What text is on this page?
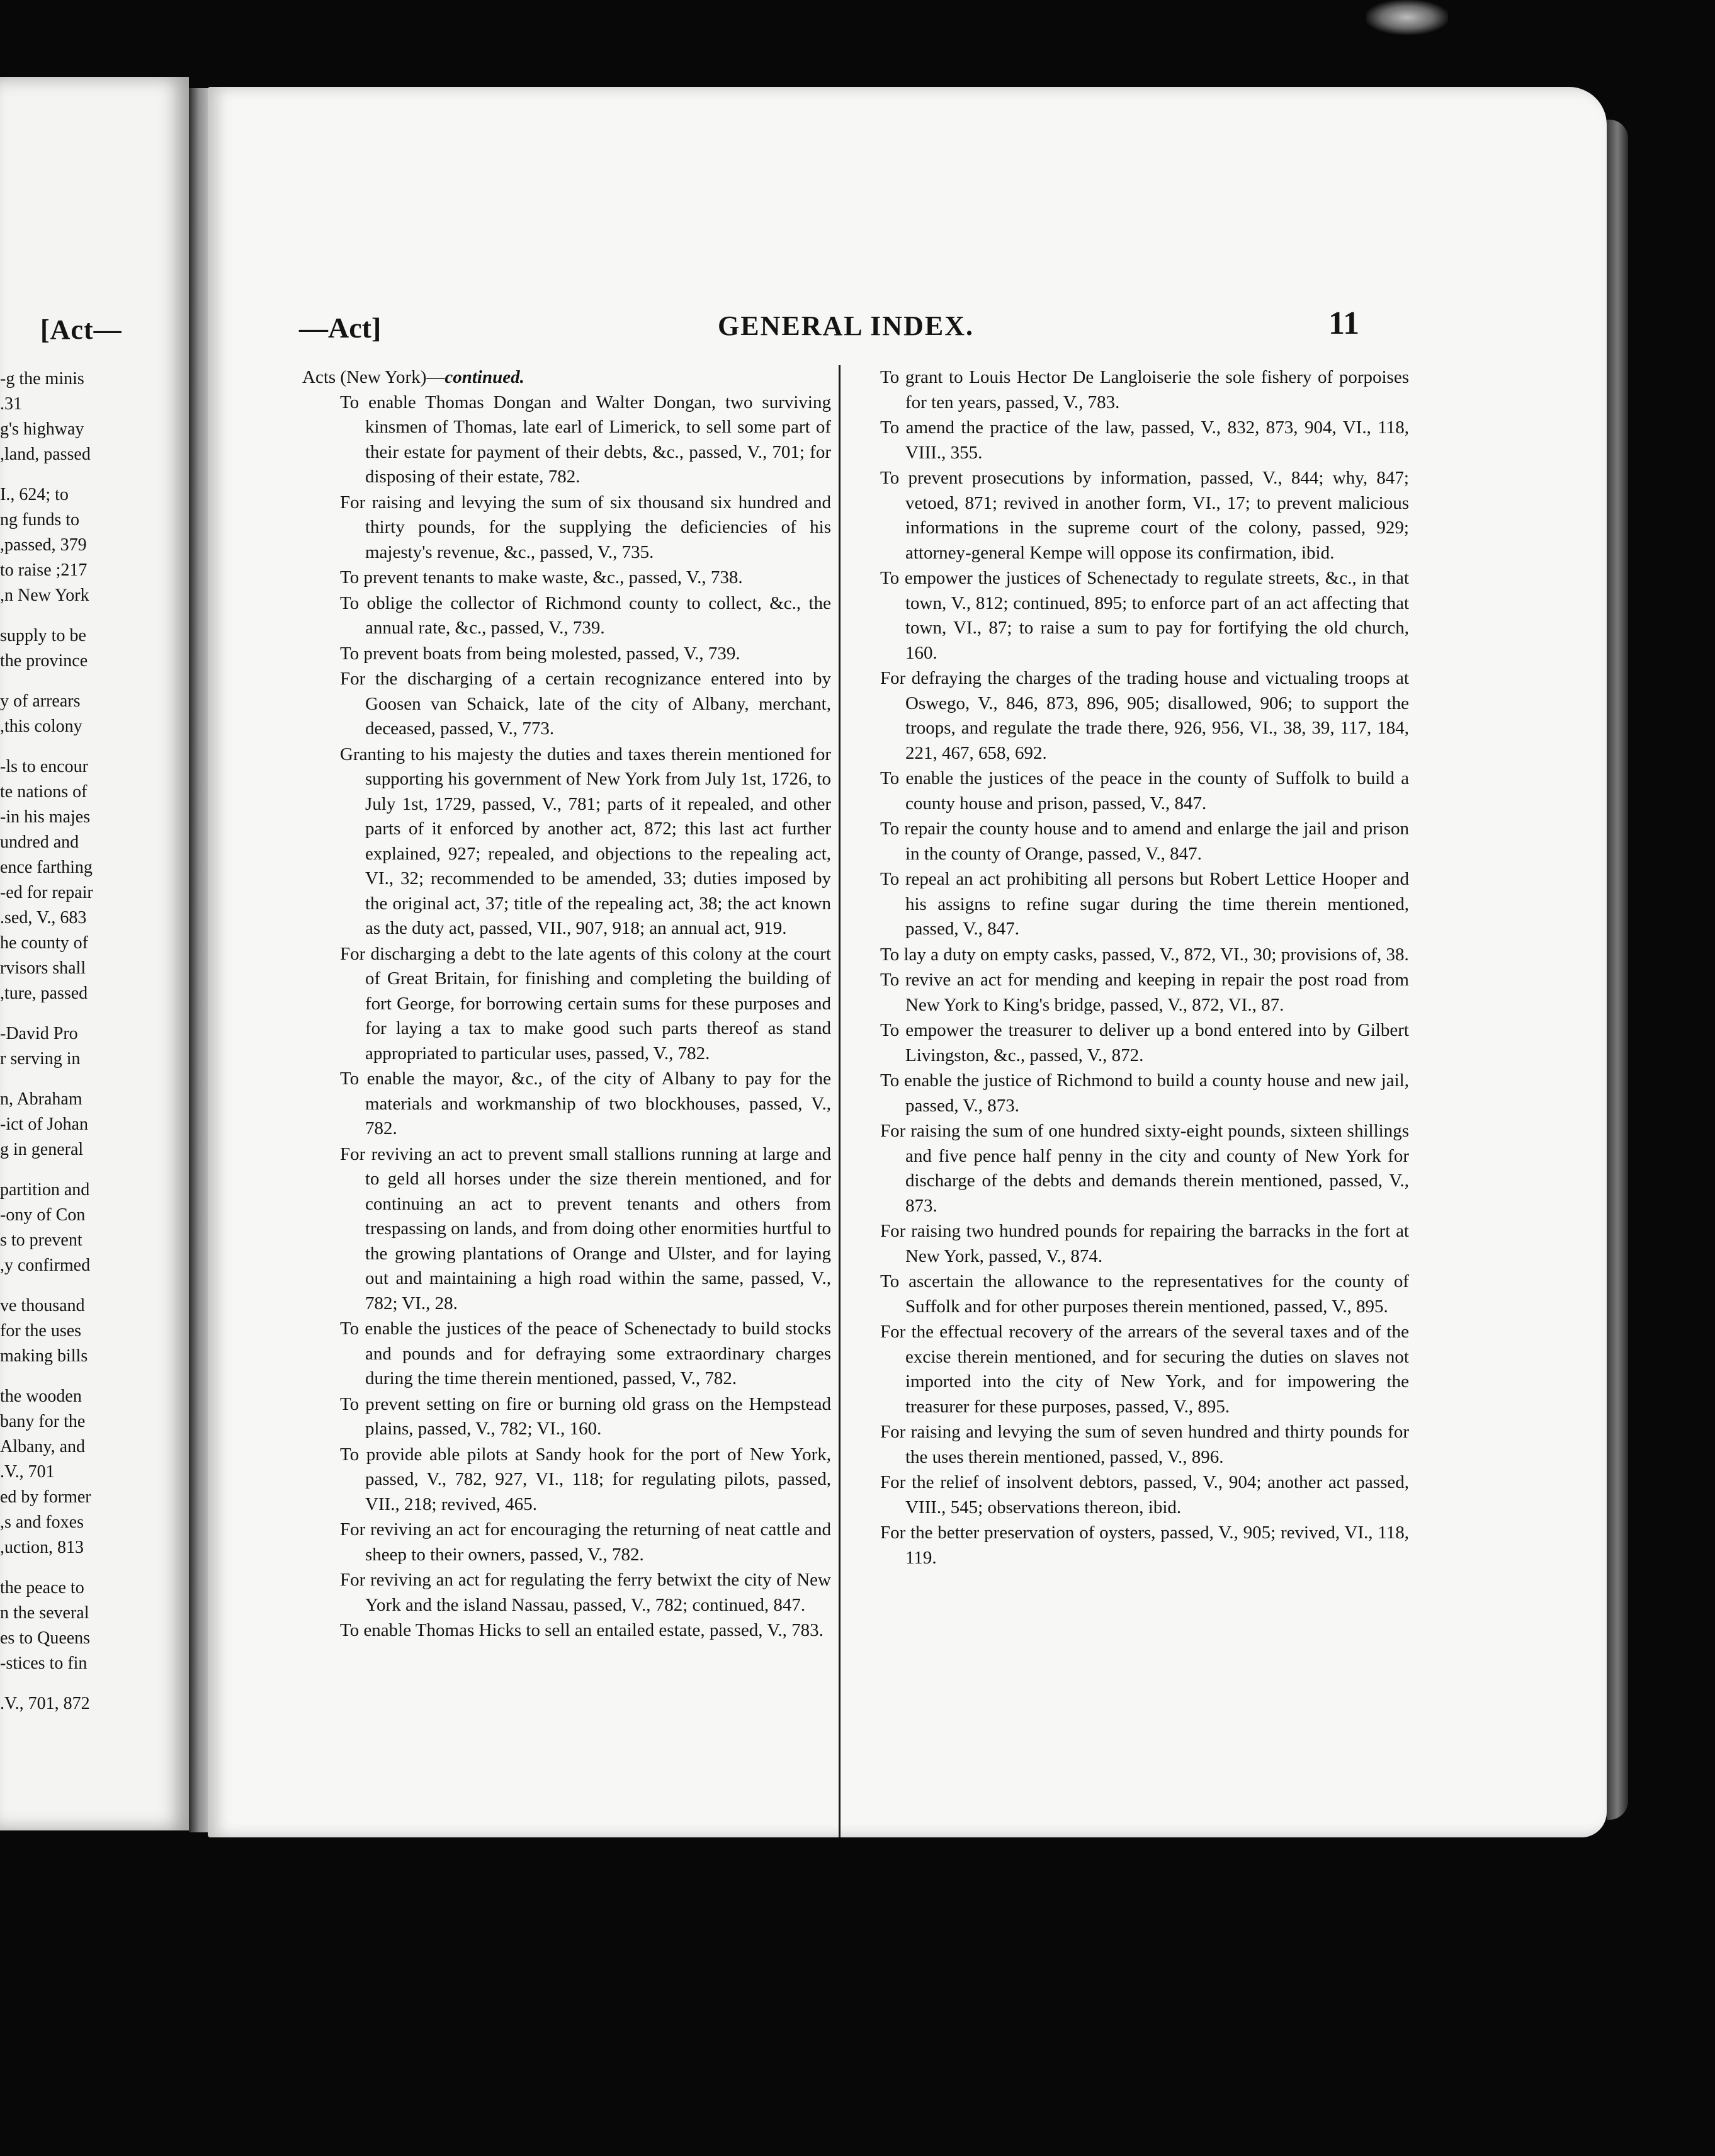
[Act—
g the minis-
31.
g's highway
land, passed,
I., 624; to
ng funds to
passed, 379,
217; to raise
n New York,
supply to be
the province
y of arrears
this colony,
ls to encour-
te nations of
in his majes-
undred and
ence farthing
ed for repair-
sed, V., 683.
he county of
rvisors shall
ture, passed,
David Pro-
r serving in
n, Abraham
ict of Johan-
g in general
partition and
ony of Con-
s to prevent
y confirmed,
ve thousand
for the uses
making bills
the wooden
bany for the
Albany, and
V., 701.
ed by former
s and foxes,
uction, 813,
the peace to
n the several
es to Queens
stices to fin-
V., 701, 872.
—Act]	GENERAL INDEX.	11
Acts (New York)—continued.
To enable Thomas Dongan and Walter Dongan, two surviving kinsmen of Thomas, late earl of Limerick, to sell some part of their estate for payment of their debts, &c., passed, V., 701; for disposing of their estate, 782.
For raising and levying the sum of six thousand six hundred and thirty pounds, for the supplying the deficiencies of his majesty's revenue, &c., passed, V., 735.
To prevent tenants to make waste, &c., passed, V., 738.
To oblige the collector of Richmond county to collect, &c., the annual rate, &c., passed, V., 739.
To prevent boats from being molested, passed, V., 739.
For the discharging of a certain recognizance entered into by Goosen van Schaick, late of the city of Albany, merchant, deceased, passed, V., 773.
Granting to his majesty the duties and taxes therein mentioned for supporting his government of New York from July 1st, 1726, to July 1st, 1729, passed, V., 781; parts of it repealed, and other parts of it enforced by another act, 872; this last act further explained, 927; repealed, and objections to the repealing act, VI., 32; recommended to be amended, 33; duties imposed by the original act, 37; title of the repealing act, 38; the act known as the duty act, passed, VII., 907, 918; an annual act, 919.
For discharging a debt to the late agents of this colony at the court of Great Britain, for finishing and completing the building of fort George, for borrowing certain sums for these purposes and for laying a tax to make good such parts thereof as stand appropriated to particular uses, passed, V., 782.
To enable the mayor, &c., of the city of Albany to pay for the materials and workmanship of two blockhouses, passed, V., 782.
For reviving an act to prevent small stallions running at large and to geld all horses under the size therein mentioned, and for continuing an act to prevent tenants and others from trespassing on lands, and from doing other enormities hurtful to the growing plantations of Orange and Ulster, and for laying out and maintaining a high road within the same, passed, V., 782; VI., 28.
To enable the justices of the peace of Schenectady to build stocks and pounds and for defraying some extraordinary charges during the time therein mentioned, passed, V., 782.
To prevent setting on fire or burning old grass on the Hempstead plains, passed, V., 782; VI., 160.
To provide able pilots at Sandy hook for the port of New York, passed, V., 782, 927, VI., 118; for regulating pilots, passed, VII., 218; revived, 465.
For reviving an act for encouraging the returning of neat cattle and sheep to their owners, passed, V., 782.
For reviving an act for regulating the ferry betwixt the city of New York and the island Nassau, passed, V., 782; continued, 847.
To enable Thomas Hicks to sell an entailed estate, passed, V., 783.
To grant to Louis Hector De Langloiserie the sole fishery of porpoises for ten years, passed, V., 783.
To amend the practice of the law, passed, V., 832, 873, 904, VI., 118, VIII., 355.
To prevent prosecutions by information, passed, V., 844; why, 847; vetoed, 871; revived in another form, VI., 17; to prevent malicious informations in the supreme court of the colony, passed, 929; attorney-general Kempe will oppose its confirmation, ibid.
To empower the justices of Schenectady to regulate streets, &c., in that town, V., 812; continued, 895; to enforce part of an act affecting that town, VI., 87; to raise a sum to pay for fortifying the old church, 160.
For defraying the charges of the trading house and victualing troops at Oswego, V., 846, 873, 896, 905; disallowed, 906; to support the troops, and regulate the trade there, 926, 956, VI., 38, 39, 117, 184, 221, 467, 658, 692.
To enable the justices of the peace in the county of Suffolk to build a county house and prison, passed, V., 847.
To repair the county house and to amend and enlarge the jail and prison in the county of Orange, passed, V., 847.
To repeal an act prohibiting all persons but Robert Lettice Hooper and his assigns to refine sugar during the time therein mentioned, passed, V., 847.
To lay a duty on empty casks, passed, V., 872, VI., 30; provisions of, 38.
To revive an act for mending and keeping in repair the post road from New York to King's bridge, passed, V., 872, VI., 87.
To empower the treasurer to deliver up a bond entered into by Gilbert Livingston, &c., passed, V., 872.
To enable the justice of Richmond to build a county house and new jail, passed, V., 873.
For raising the sum of one hundred sixty-eight pounds, sixteen shillings and five pence half penny in the city and county of New York for discharge of the debts and demands therein mentioned, passed, V., 873.
For raising two hundred pounds for repairing the barracks in the fort at New York, passed, V., 874.
To ascertain the allowance to the representatives for the county of Suffolk and for other purposes therein mentioned, passed, V., 895.
For the effectual recovery of the arrears of the several taxes and of the excise therein mentioned, and for securing the duties on slaves not imported into the city of New York, and for impowering the treasurer for these purposes, passed, V., 895.
For raising and levying the sum of seven hundred and thirty pounds for the uses therein mentioned, passed, V., 896.
For the relief of insolvent debtors, passed, V., 904; another act passed, VIII., 545; observations thereon, ibid.
For the better preservation of oysters, passed, V., 905; revived, VI., 118, 119.
